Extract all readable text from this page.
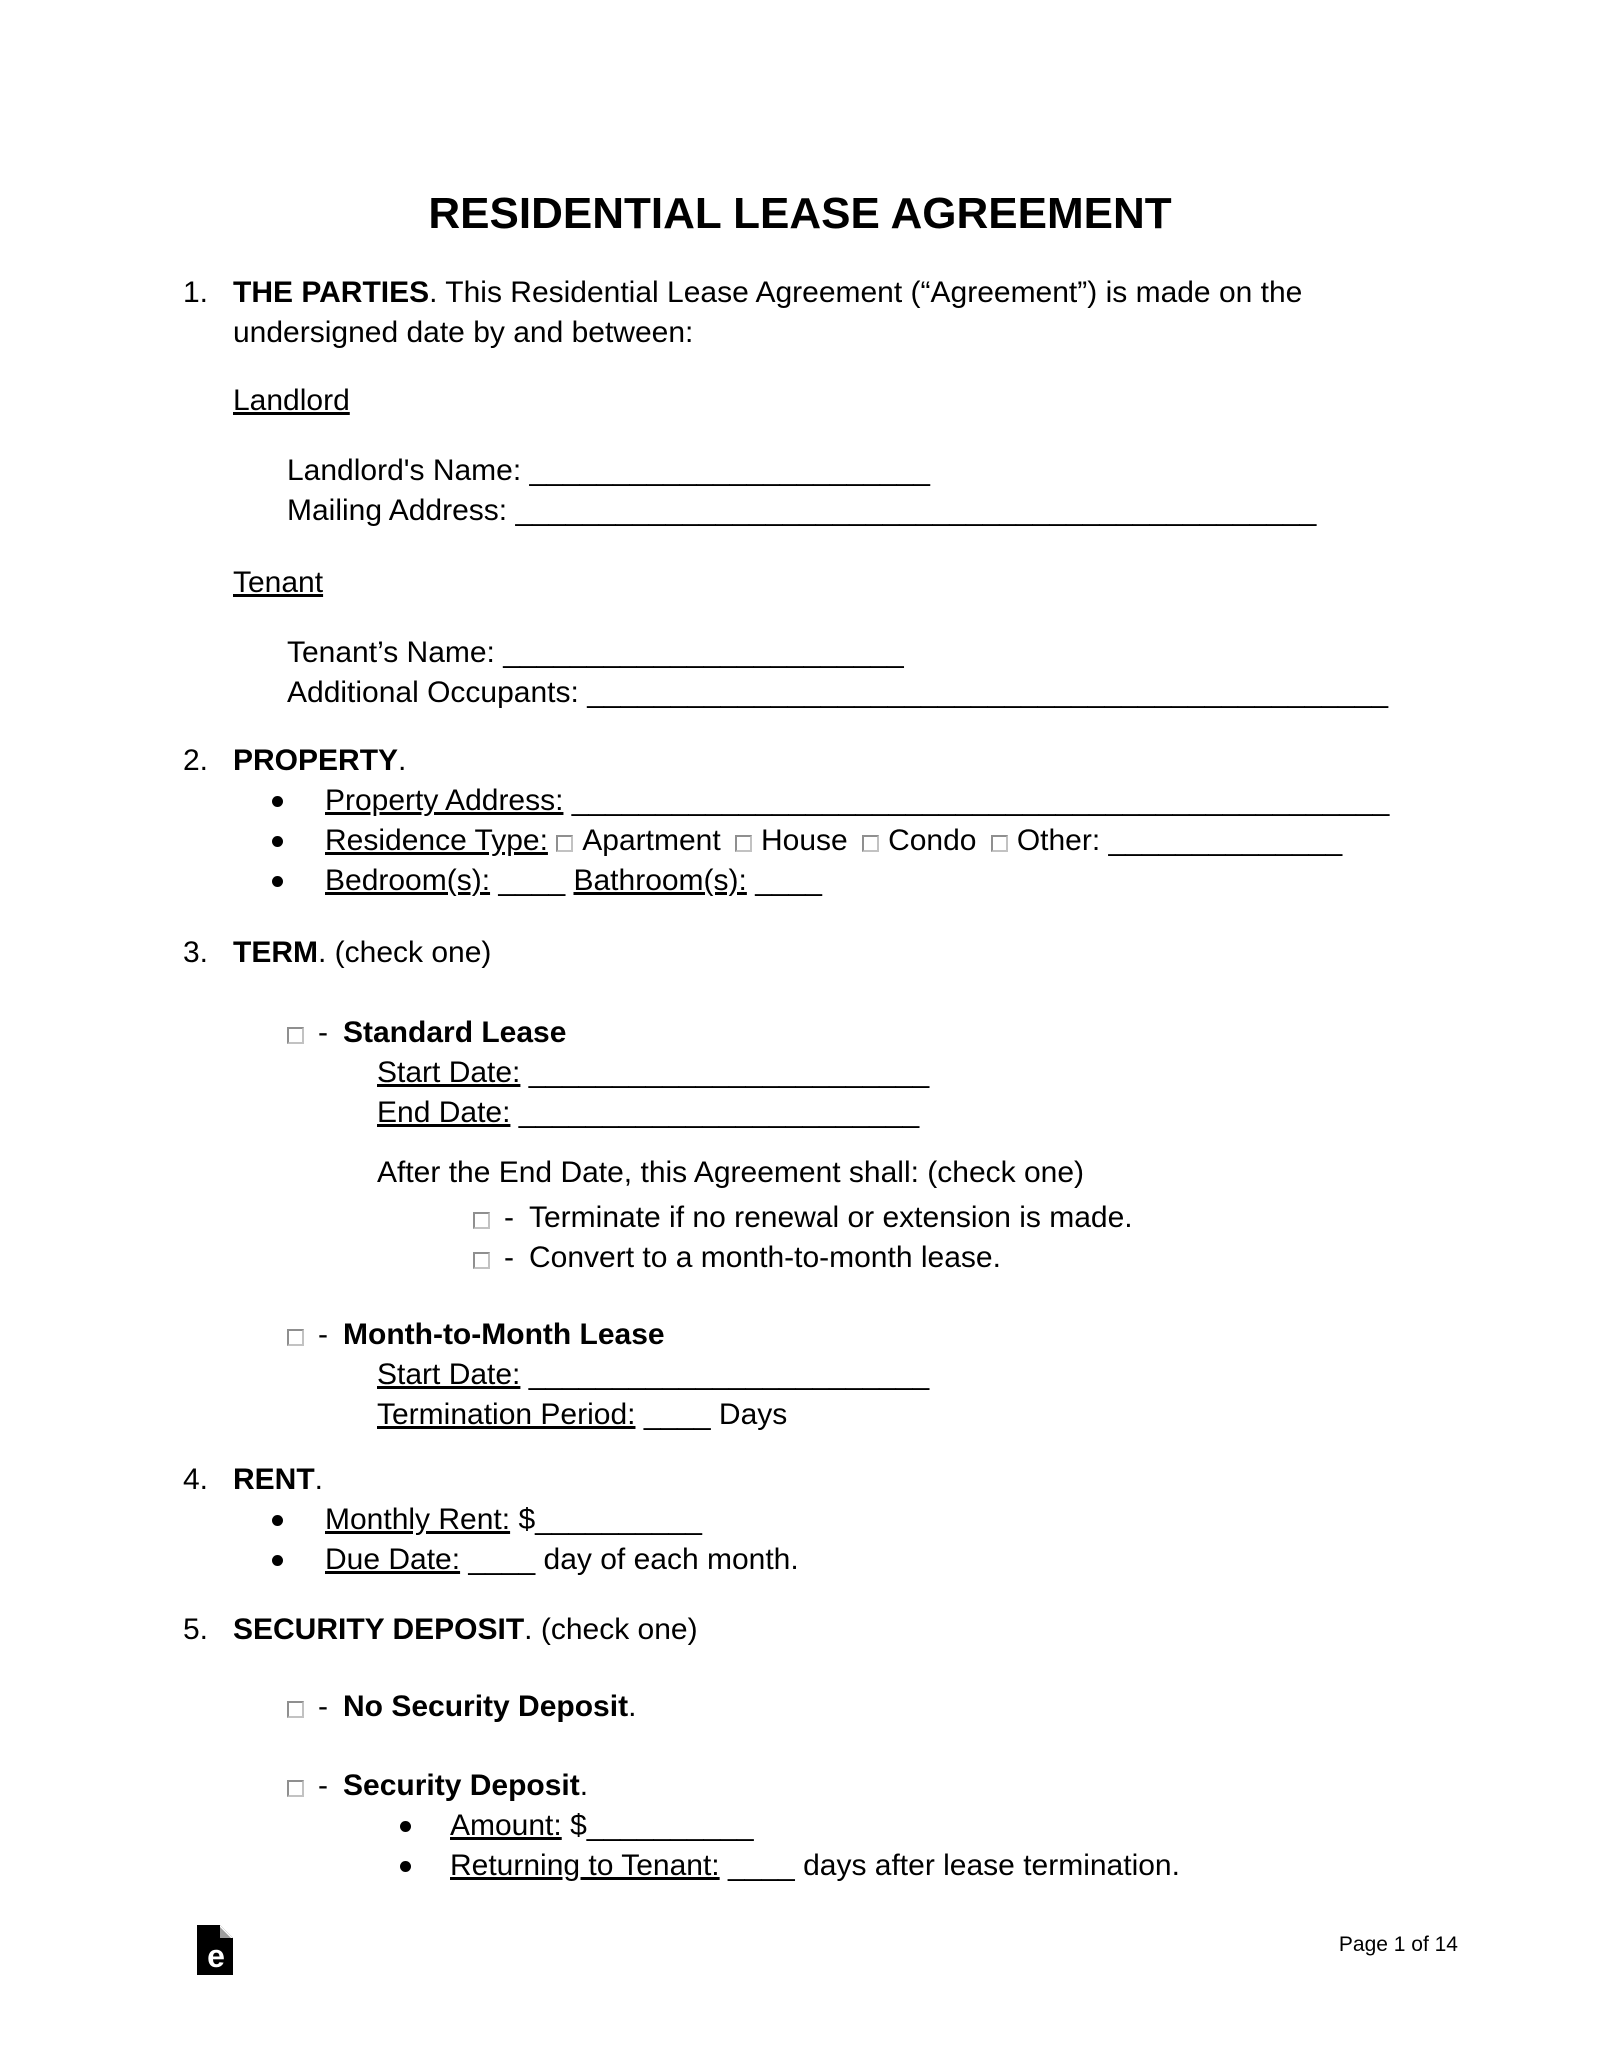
RESIDENTIAL LEASE AGREEMENT
1. THE PARTIES. This Residential Lease Agreement (“Agreement”) is made on the undersigned date by and between:
Landlord
Landlord's Name: ________________________
Mailing Address: ________________________________________________
Tenant
Tenant’s Name: ________________________
Additional Occupants: ________________________________________________
2. PROPERTY.
Property Address: _________________________________________________
Residence Type: Apartment House Condo Other: ______________
Bedroom(s): ____ Bathroom(s): ____
3. TERM. (check one)
- Standard Lease
Start Date: ________________________
End Date: ________________________
After the End Date, this Agreement shall: (check one)
- Terminate if no renewal or extension is made.
- Convert to a month-to-month lease.
- Month-to-Month Lease
Start Date: ________________________
Termination Period: ____ Days
4. RENT.
Monthly Rent: $__________
Due Date: ____ day of each month.
5. SECURITY DEPOSIT. (check one)
- No Security Deposit.
- Security Deposit.
Amount: $__________
Returning to Tenant: ____ days after lease termination.
e	Page 1 of 14
